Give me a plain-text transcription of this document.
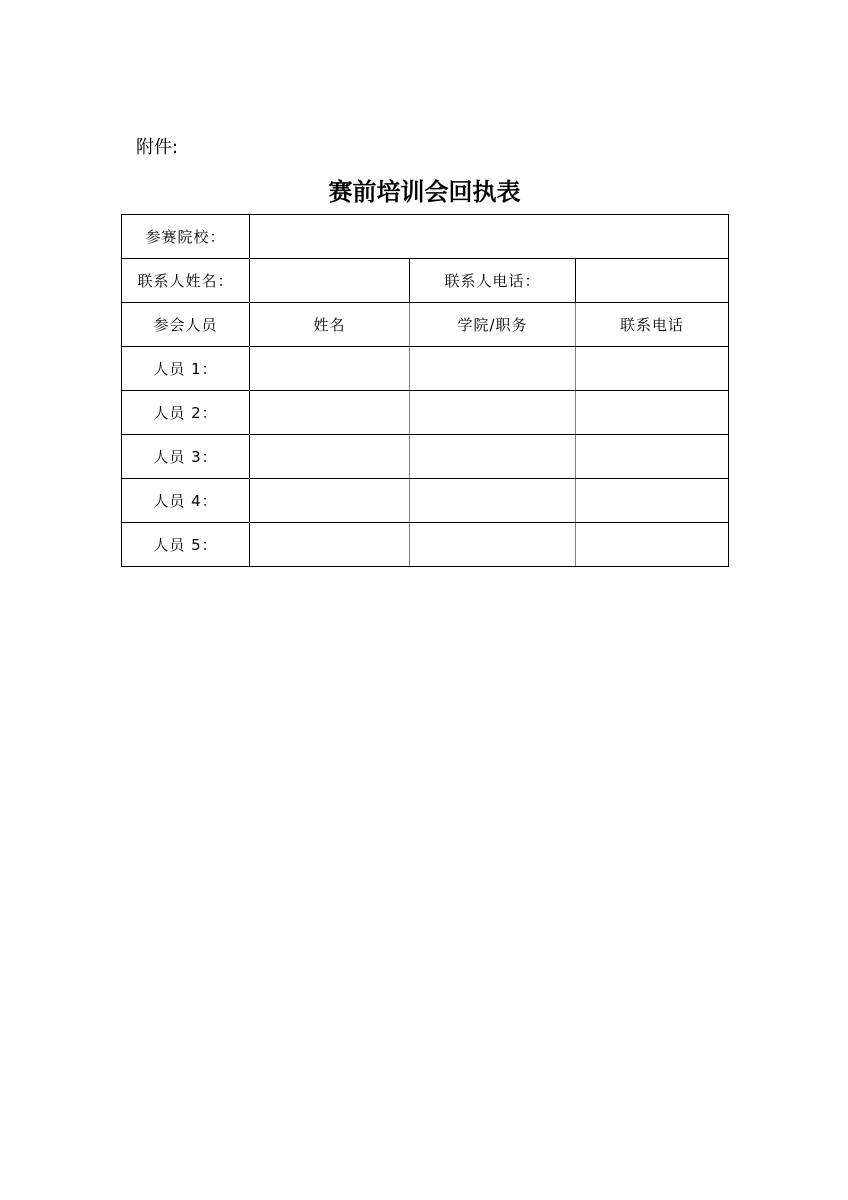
附件:
赛前培训会回执表
参赛院校：			
联系人姓名：		联系人电话：	
参会人员	姓名	学院/职务	联系电话
人员 1：			
人员 2：			
人员 3：			
人员 4：			
人员 5：			
